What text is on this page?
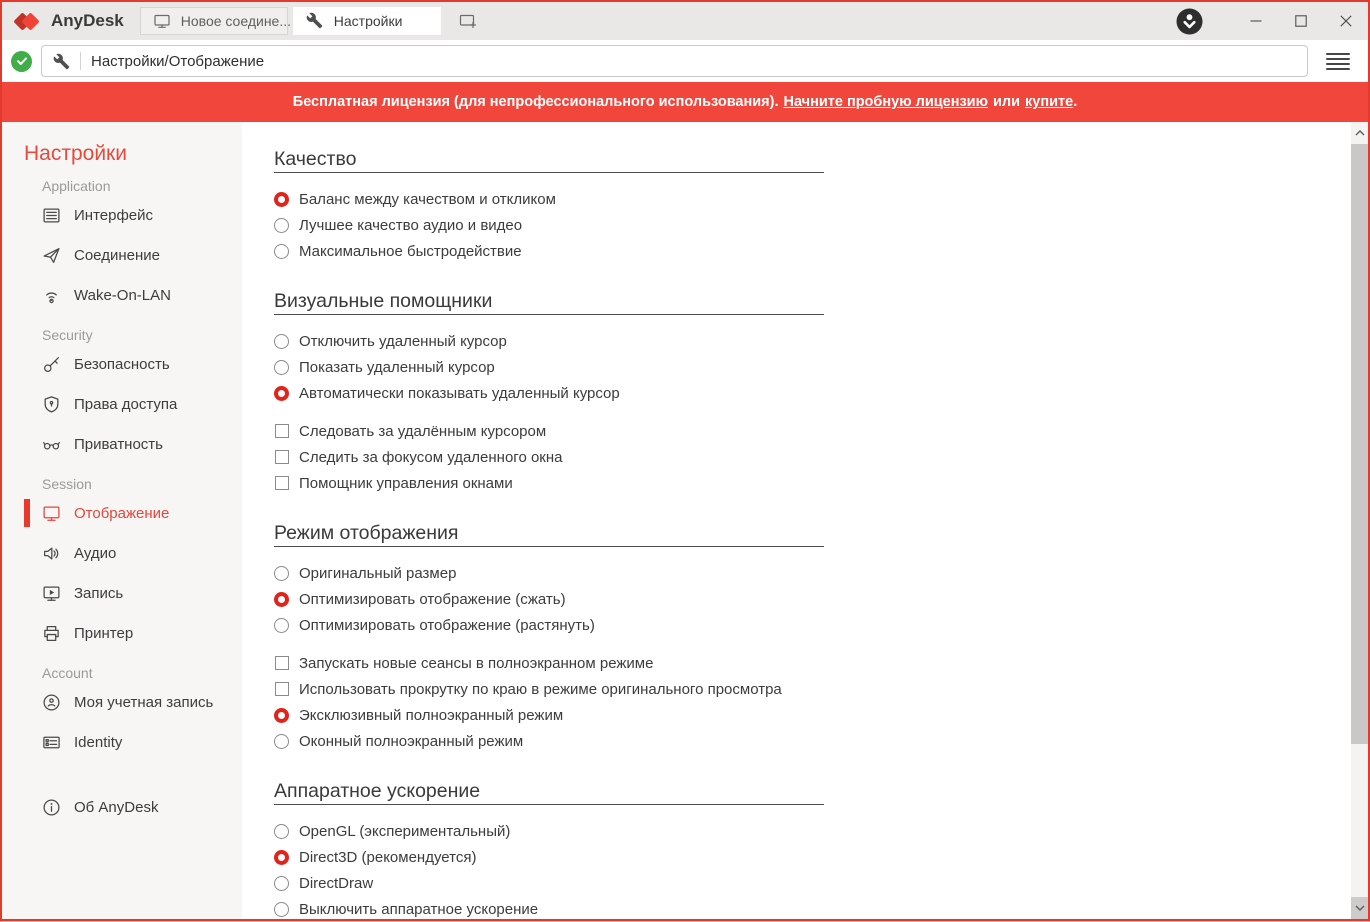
AnyDesk	Новое соедине...	Настройки
Настройки/Отображение
Бесплатная лицензия (для непрофессионального использования). Начните пробную лицензию или купите.
Настройки
Application
Интерфейс
Соединение
Wake-On-LAN
Security
Безопасность
Права доступа
Приватность
Session
Отображение
Аудио
Запись
Принтер
Account
Моя учетная запись
Identity
Об AnyDesk
Качество
Баланс между качеством и откликом
Лучшее качество аудио и видео
Максимальное быстродействие
Визуальные помощники
Отключить удаленный курсор
Показать удаленный курсор
Автоматически показывать удаленный курсор
Следовать за удалённым курсором
Следить за фокусом удаленного окна
Помощник управления окнами
Режим отображения
Оригинальный размер
Оптимизировать отображение (сжать)
Оптимизировать отображение (растянуть)
Запускать новые сеансы в полноэкранном режиме
Использовать прокрутку по краю в режиме оригинального просмотра
Эксклюзивный полноэкранный режим
Оконный полноэкранный режим
Аппаратное ускорение
OpenGL (экспериментальный)
Direct3D (рекомендуется)
DirectDraw
Выключить аппаратное ускорение
